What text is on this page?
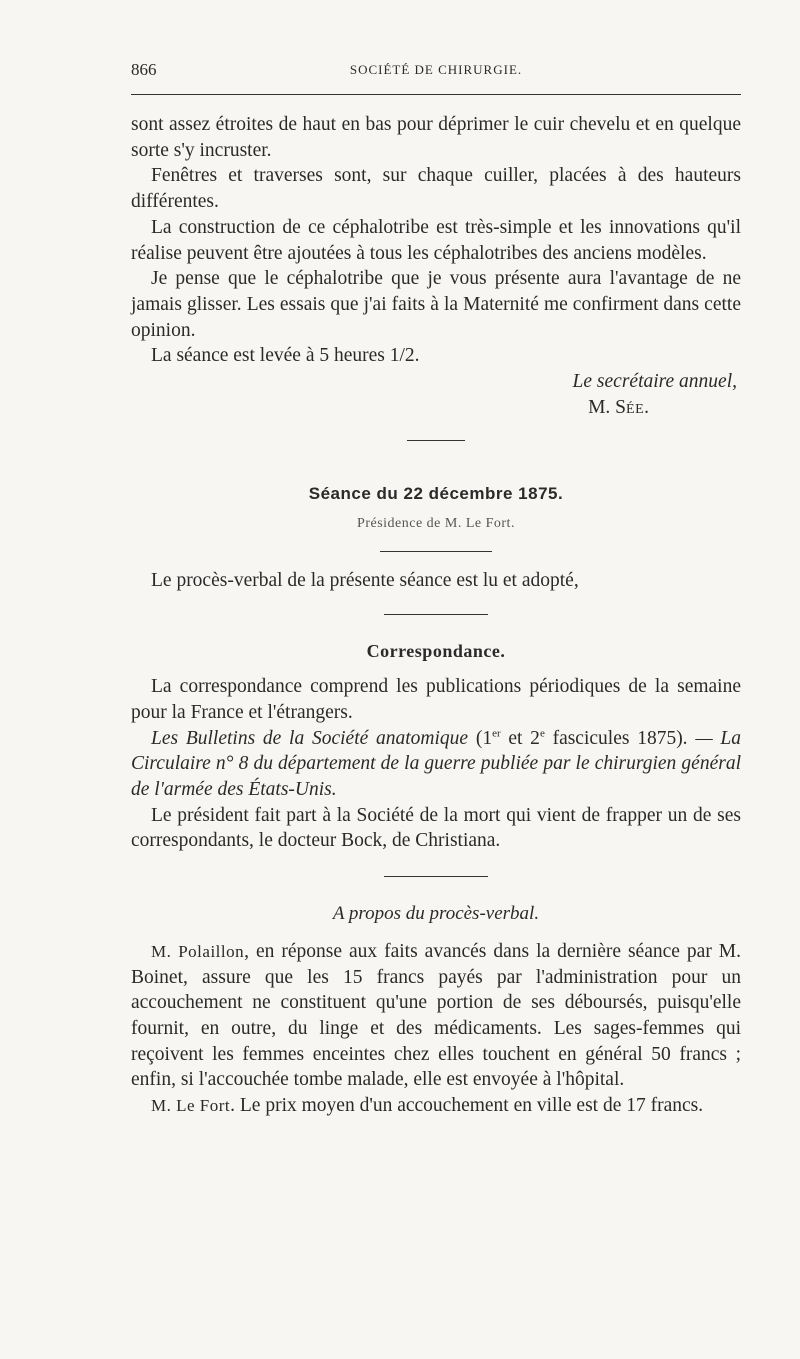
866	SOCIÉTÉ DE CHIRURGIE.

sont assez étroites de haut en bas pour déprimer le cuir chevelu et en quelque sorte s'y incruster.

Fenêtres et traverses sont, sur chaque cuiller, placées à des hauteurs différentes.

La construction de ce céphalotribe est très-simple et les innovations qu'il réalise peuvent être ajoutées à tous les céphalotribes des anciens modèles.

Je pense que le céphalotribe que je vous présente aura l'avantage de ne jamais glisser. Les essais que j'ai faits à la Maternité me confirment dans cette opinion.

La séance est levée à 5 heures 1/2.

Le secrétaire annuel,

M. SÉE.

Séance du 22 décembre 1875.

Présidence de M. Le Fort.

Le procès-verbal de la présente séance est lu et adopté,

Correspondance.

La correspondance comprend les publications périodiques de la semaine pour la France et l'étrangers.

Les Bulletins de la Société anatomique (1er et 2e fascicules 1875). — La Circulaire n° 8 du département de la guerre publiée par le chirurgien général de l'armée des États-Unis.

Le président fait part à la Société de la mort qui vient de frapper un de ses correspondants, le docteur Bock, de Christiana.

A propos du procès-verbal.

M. Polaillon, en réponse aux faits avancés dans la dernière séance par M. Boinet, assure que les 15 francs payés par l'administration pour un accouchement ne constituent qu'une portion de ses déboursés, puisqu'elle fournit, en outre, du linge et des médicaments. Les sages-femmes qui reçoivent les femmes enceintes chez elles touchent en général 50 francs ; enfin, si l'accouchée tombe malade, elle est envoyée à l'hôpital.

M. Le Fort. Le prix moyen d'un accouchement en ville est de 17 francs.
